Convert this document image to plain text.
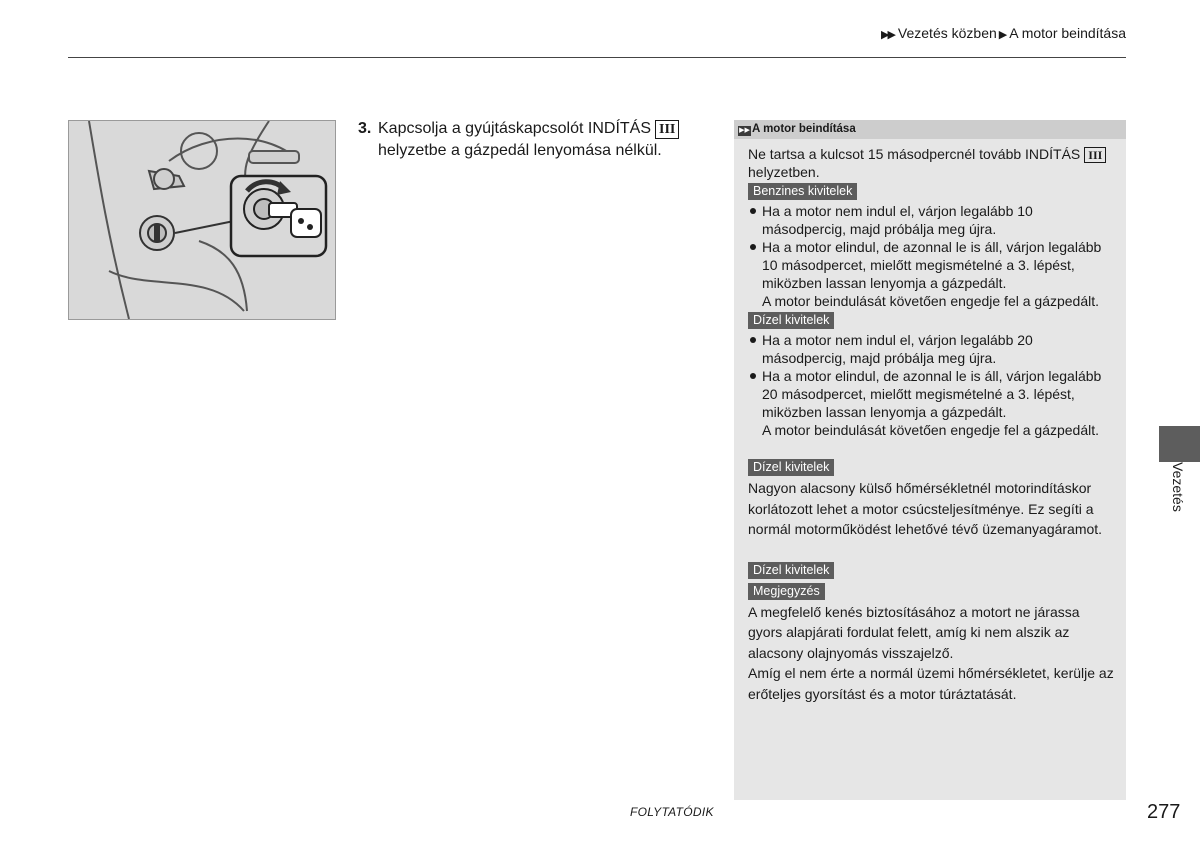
▶▶ Vezetés közben ▶ A motor beindítása
3. Kapcsolja a gyújtáskapcsolót INDÍTÁS III
helyzetbe a gázpedál lenyomása nélkül.
▶▶ A motor beindítása

Ne tartsa a kulcsot 15 másodpercnél tovább INDÍTÁS III
helyzetben.

Benzines kivitelek
Ha a motor nem indul el, várjon legalább 10 másodpercig, majd próbálja meg újra.
Ha a motor elindul, de azonnal le is áll, várjon legalább 10 másodpercet, mielőtt megismételné a 3. lépést, miközben lassan lenyomja a gázpedált.

A motor beindulását követően engedje fel a gázpedált.

Dízel kivitelek
Ha a motor nem indul el, várjon legalább 20 másodpercig, majd próbálja meg újra.
Ha a motor elindul, de azonnal le is áll, várjon legalább 20 másodpercet, mielőtt megismételné a 3. lépést, miközben lassan lenyomja a gázpedált.

A motor beindulását követően engedje fel a gázpedált.

Dízel kivitelek

Nagyon alacsony külső hőmérsékletnél motorindításkor korlátozott lehet a motor csúcsteljesítménye. Ez segíti a normál motorműködést lehetővé tévő üzemanyagáramot.

Dízel kivitelek
Megjegyzés

A megfelelő kenés biztosításához a motort ne járassa gyors alapjárati fordulat felett, amíg ki nem alszik az alacsony olajnyomás visszajelző.

Amíg el nem érte a normál üzemi hőmérsékletet, kerülje az erőteljes gyorsítást és a motor túráztatását.

Vezetés
FOLYTATÓDIK	277
